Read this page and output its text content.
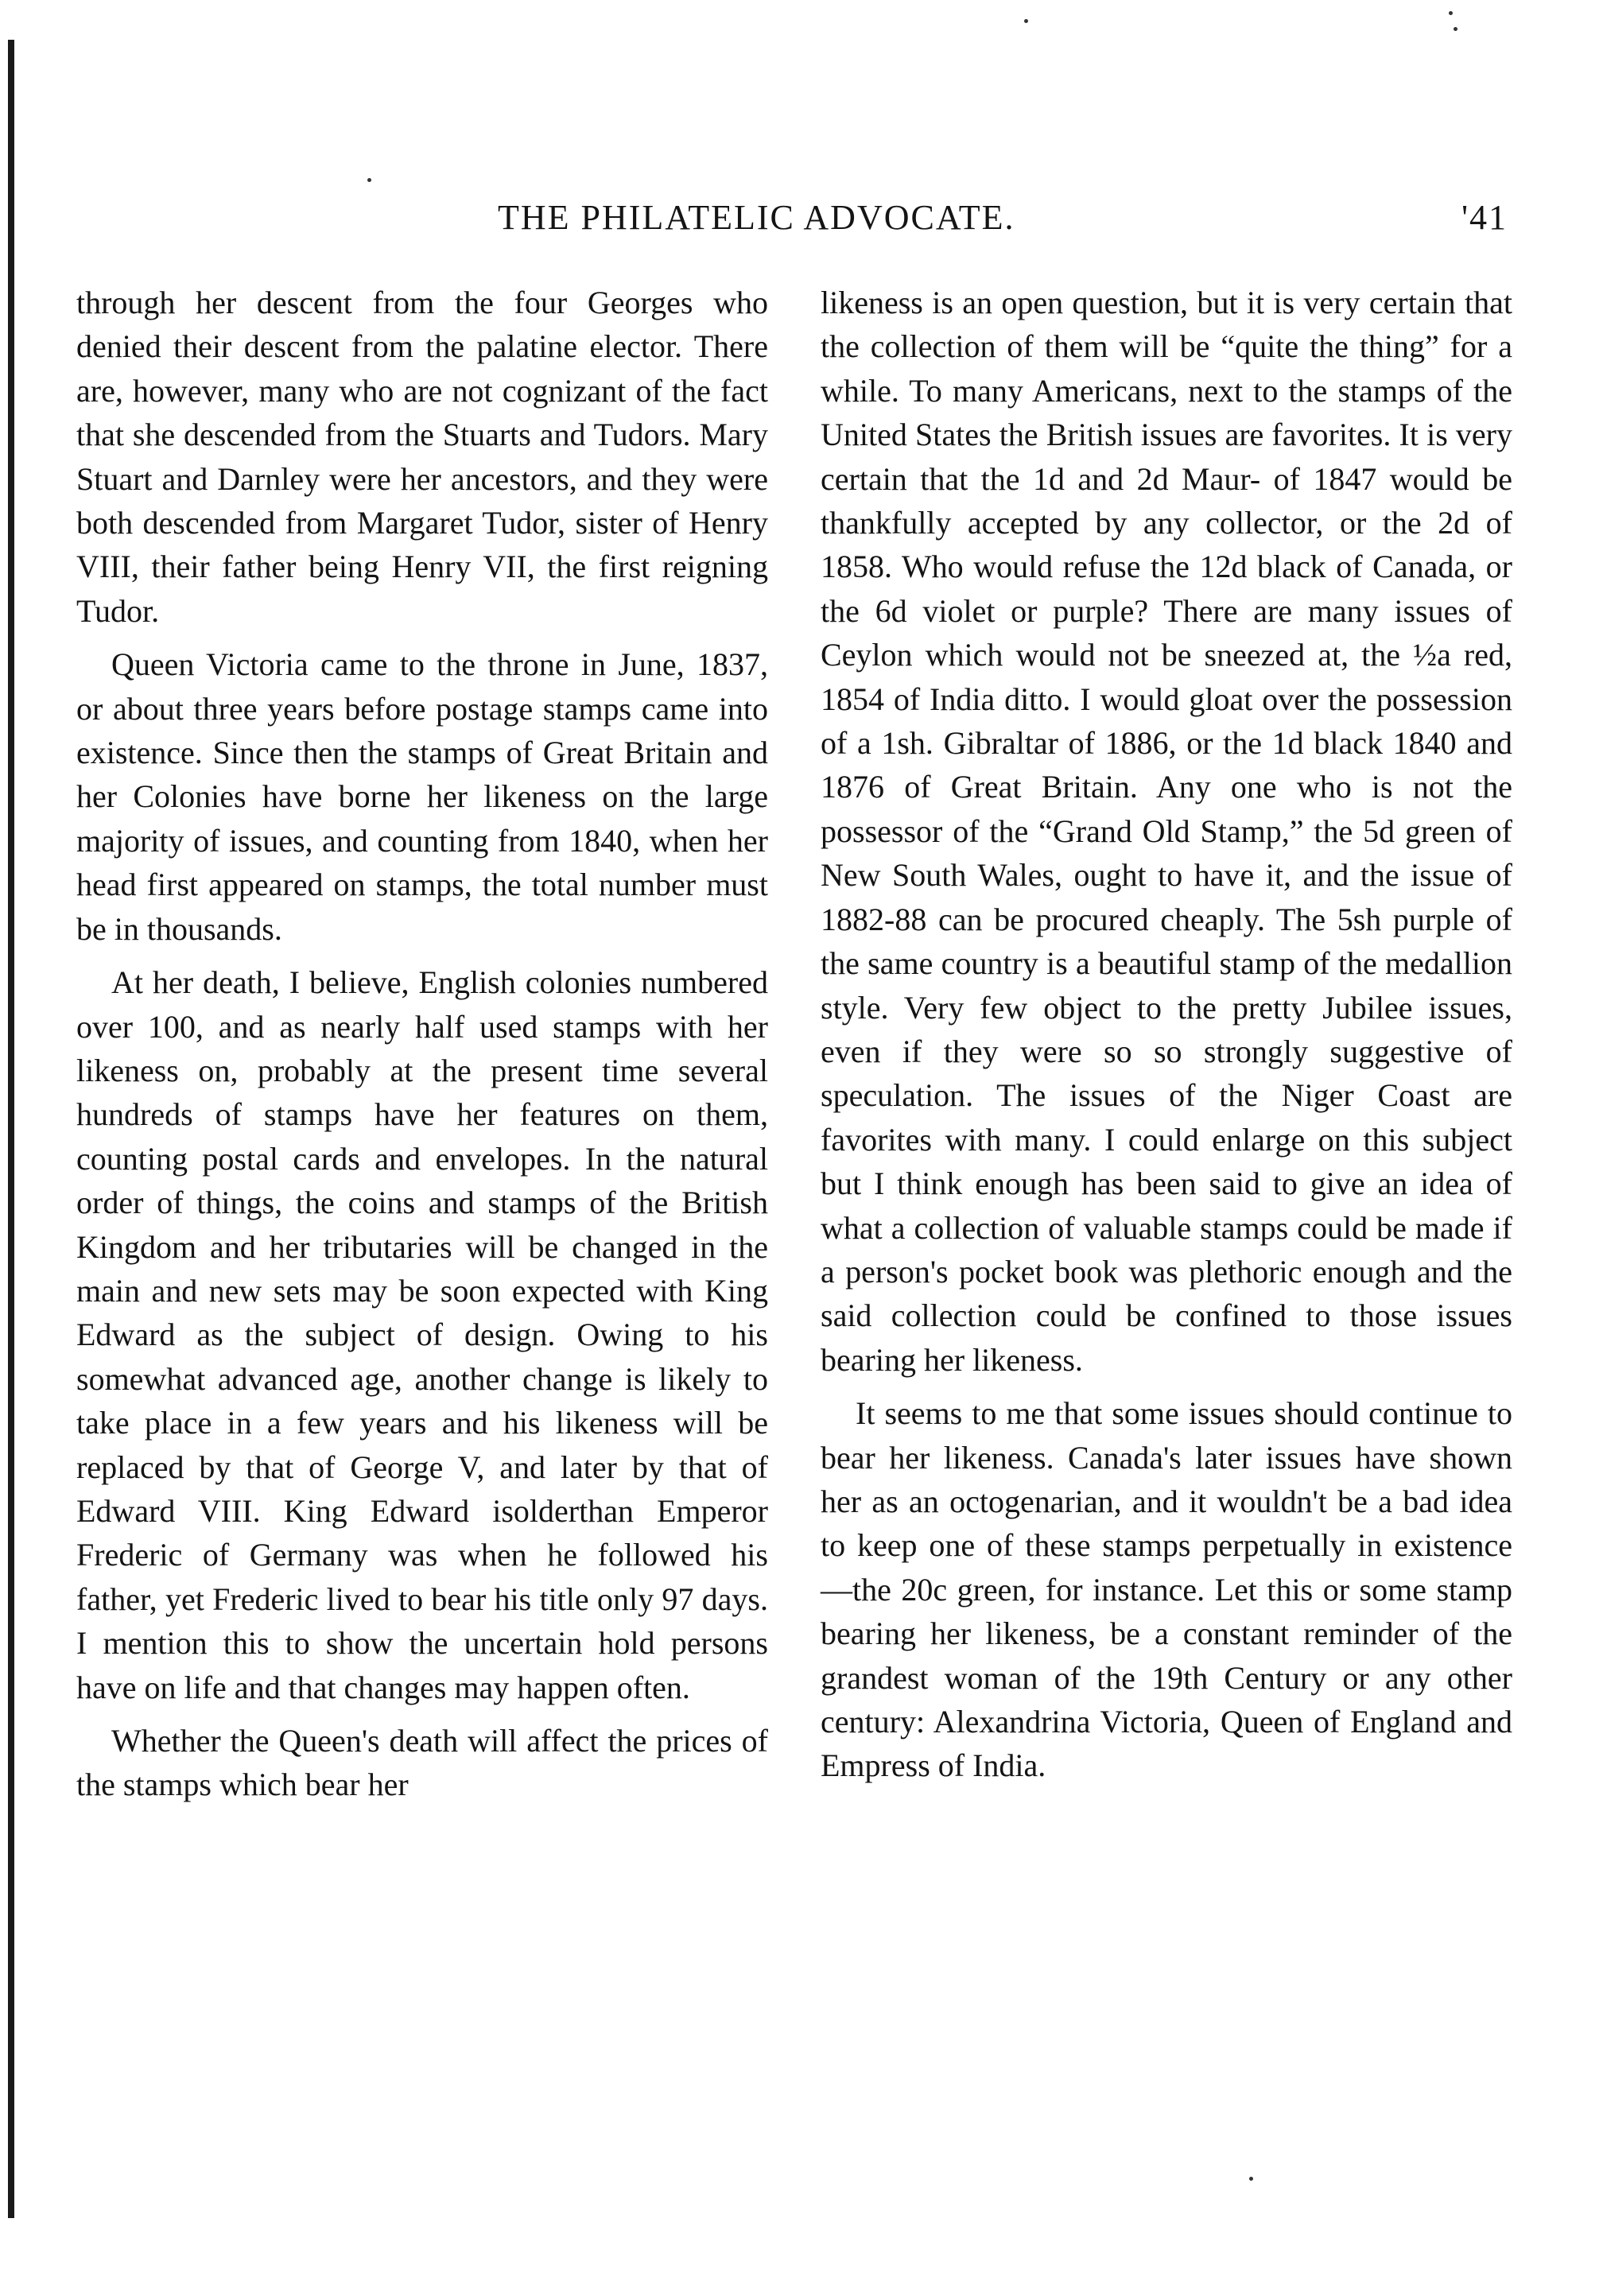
THE PHILATELIC ADVOCATE.	'41

through her descent from the four Georges who denied their descent from the palatine elector. There are, however, many who are not cognizant of the fact that she descended from the Stuarts and Tudors. Mary Stuart and Darnley were her ancestors, and they were both descended from Margaret Tudor, sister of Henry VIII, their father being Henry VII, the first reigning Tudor.

Queen Victoria came to the throne in June, 1837, or about three years before postage stamps came into existence. Since then the stamps of Great Britain and her Colonies have borne her likeness on the large majority of issues, and counting from 1840, when her head first appeared on stamps, the total number must be in thousands.

At her death, I believe, English colonies numbered over 100, and as nearly half used stamps with her likeness on, probably at the present time several hundreds of stamps have her features on them, counting postal cards and envelopes. In the natural order of things, the coins and stamps of the British Kingdom and her tributaries will be changed in the main and new sets may be soon expected with King Edward as the subject of design. Owing to his somewhat advanced age, another change is likely to take place in a few years and his likeness will be replaced by that of George V, and later by that of Edward VIII. King Edward isolderthan Emperor Frederic of Germany was when he followed his father, yet Frederic lived to bear his title only 97 days. I mention this to show the uncertain hold persons have on life and that changes may happen often.

Whether the Queen's death will affect the prices of the stamps which bear her

likeness is an open question, but it is very certain that the collection of them will be “quite the thing” for a while. To many Americans, next to the stamps of the United States the British issues are favorites. It is very certain that the 1d and 2d Maur- of 1847 would be thankfully accepted by any collector, or the 2d of 1858. Who would refuse the 12d black of Canada, or the 6d violet or purple? There are many issues of Ceylon which would not be sneezed at, the ½a red, 1854 of India ditto. I would gloat over the possession of a 1sh. Gibraltar of 1886, or the 1d black 1840 and 1876 of Great Britain. Any one who is not the possessor of the “Grand Old Stamp,” the 5d green of New South Wales, ought to have it, and the issue of 1882-88 can be procured cheaply. The 5sh purple of the same country is a beautiful stamp of the medallion style. Very few object to the pretty Jubilee issues, even if they were so so strongly suggestive of speculation. The issues of the Niger Coast are favorites with many. I could enlarge on this subject but I think enough has been said to give an idea of what a collection of valuable stamps could be made if a person's pocket book was plethoric enough and the said collection could be confined to those issues bearing her likeness.

It seems to me that some issues should continue to bear her likeness. Canada's later issues have shown her as an octogenarian, and it wouldn't be a bad idea to keep one of these stamps perpetually in existence—the 20c green, for instance. Let this or some stamp bearing her likeness, be a constant reminder of the grandest woman of the 19th Century or any other century: Alexandrina Victoria, Queen of England and Empress of India.
